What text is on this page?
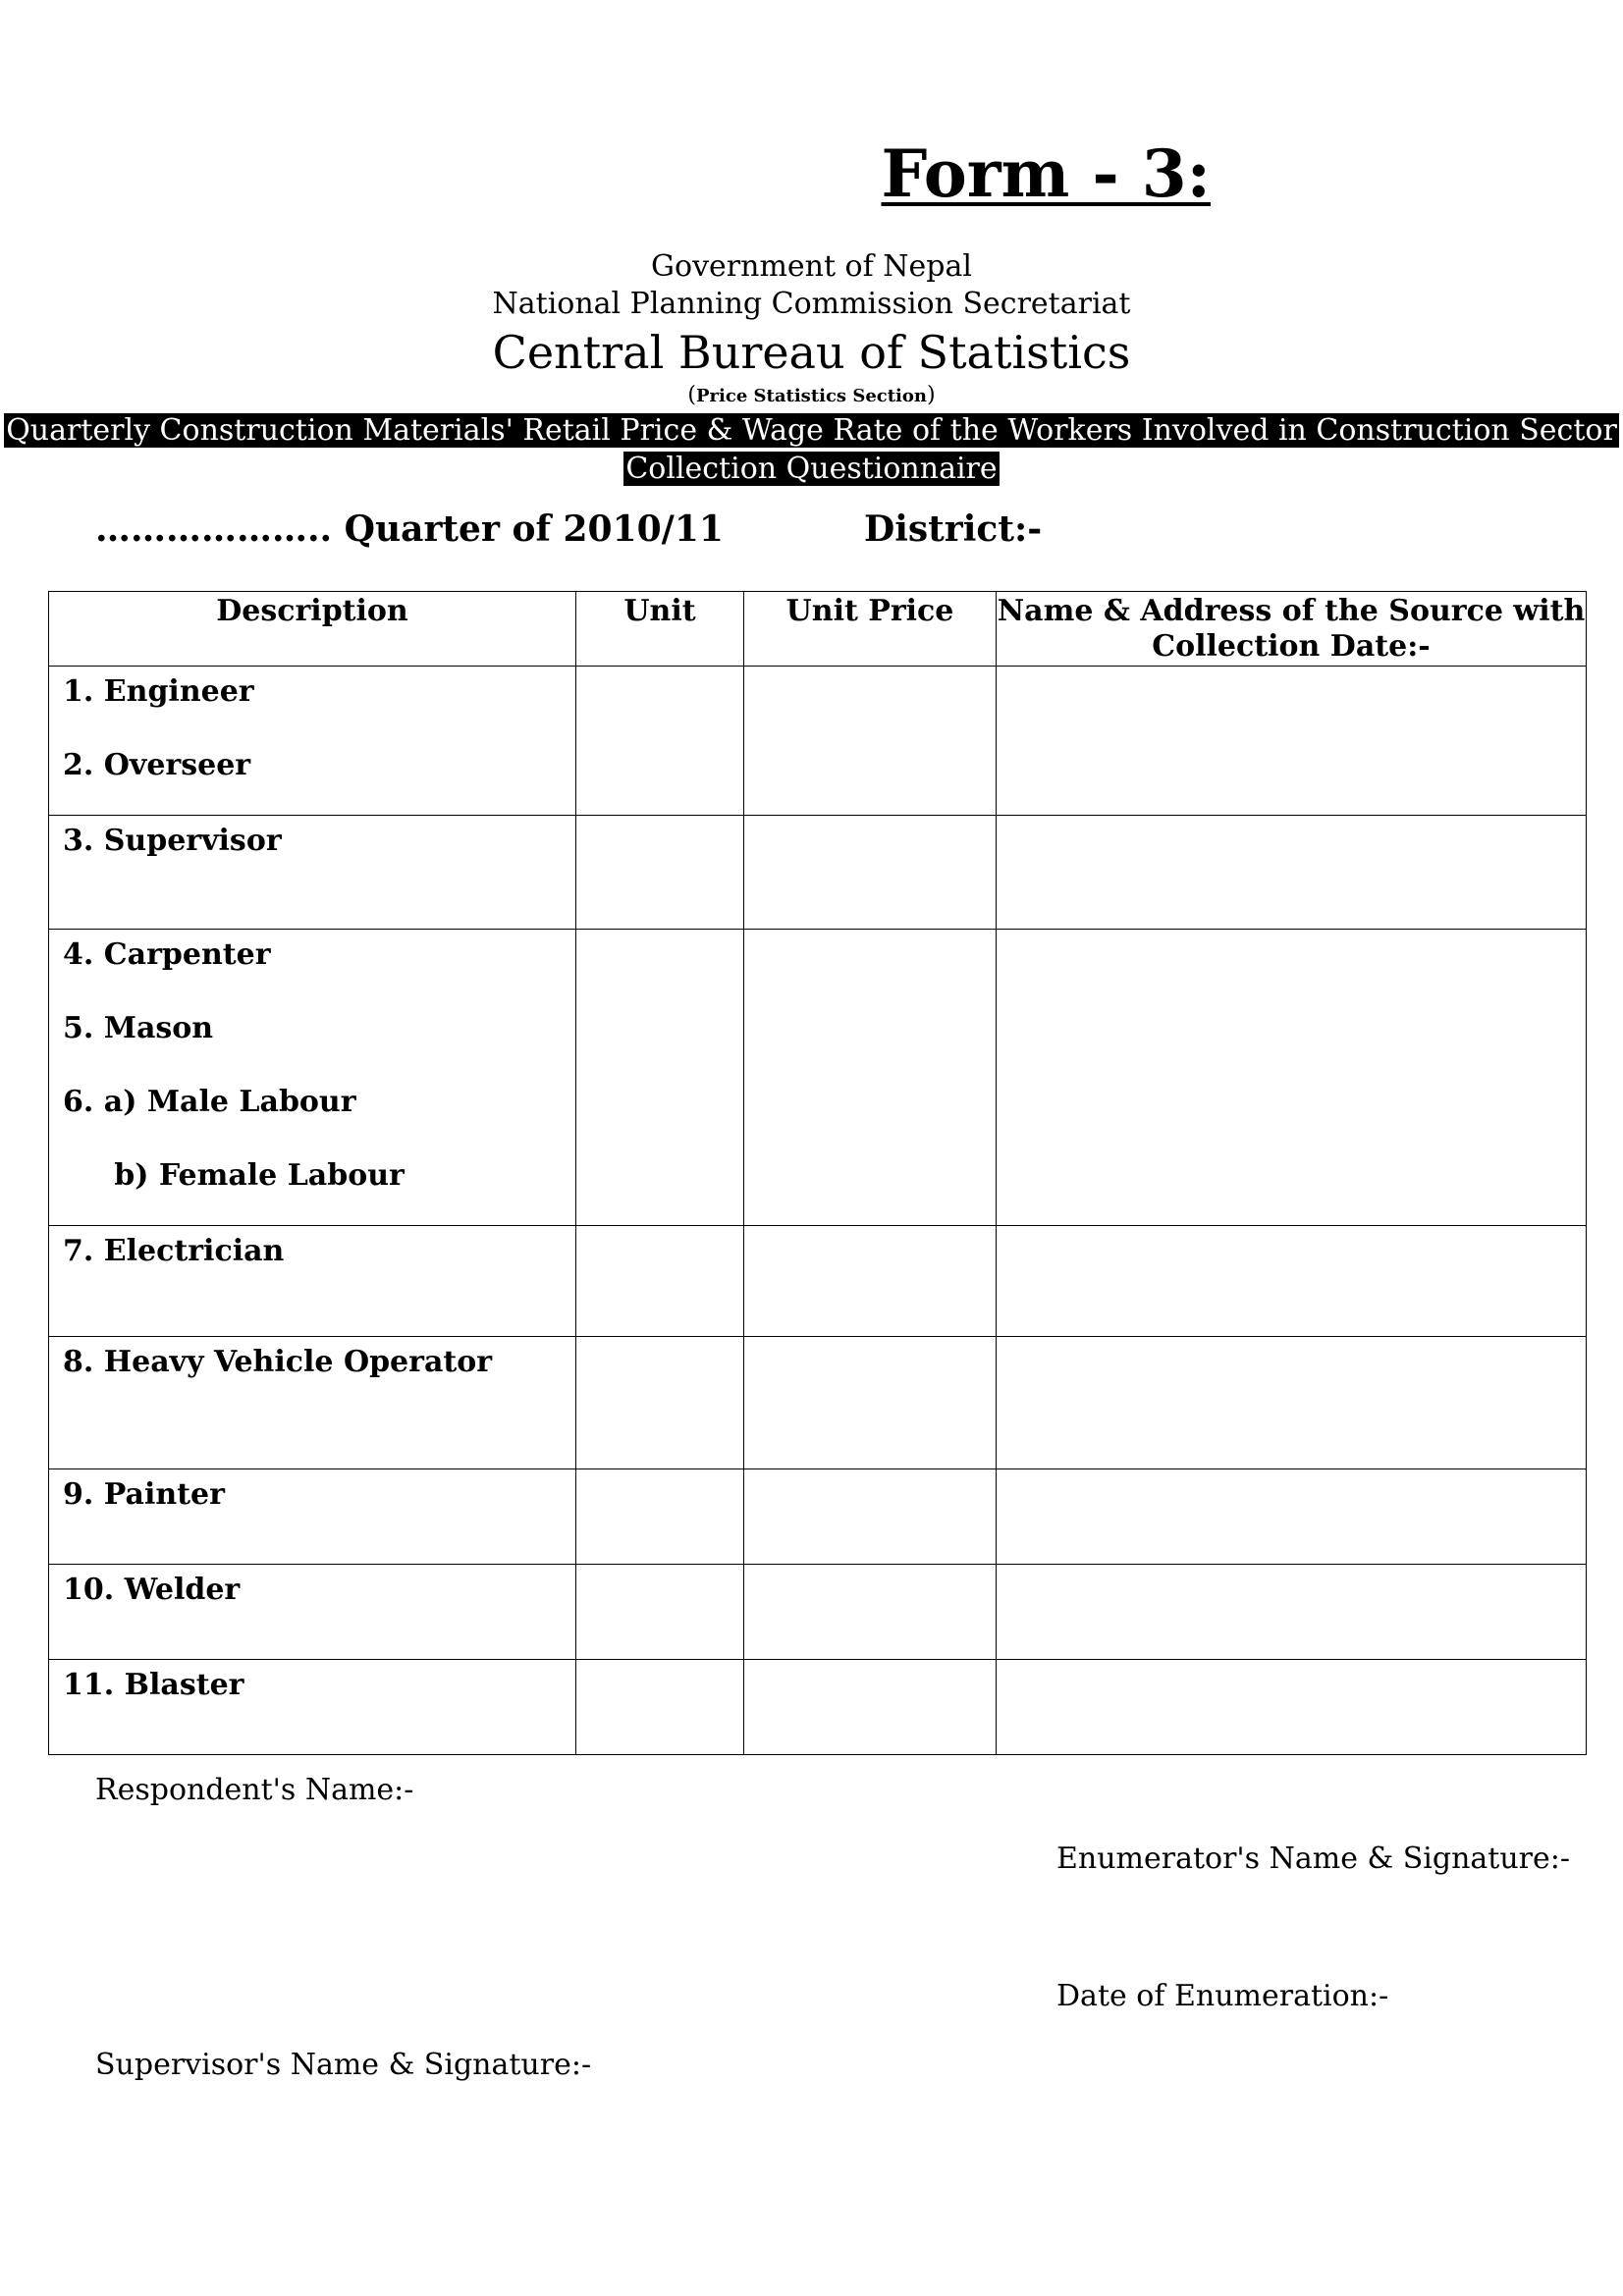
Form - 3:
Government of Nepal
National Planning Commission Secretariat
Central Bureau of Statistics
(Price Statistics Section)
Quarterly Construction Materials' Retail Price & Wage Rate of the Workers Involved in Construction Sector
Collection Questionnaire
……………….. Quarter of 2010/11	District:-
Description	Unit	Unit Price	Name & Address of the Source with Collection Date:-

1. Engineer
2. Overseer			

3. Supervisor			

4. Carpenter
5. Mason
6. a) Male Labour
b) Female Labour			

7. Electrician			

8. Heavy Vehicle Operator			

9. Painter			

10. Welder			

11. Blaster			

Respondent's Name:-
Enumerator's Name & Signature:-
Date of Enumeration:-
Supervisor's Name & Signature:-
